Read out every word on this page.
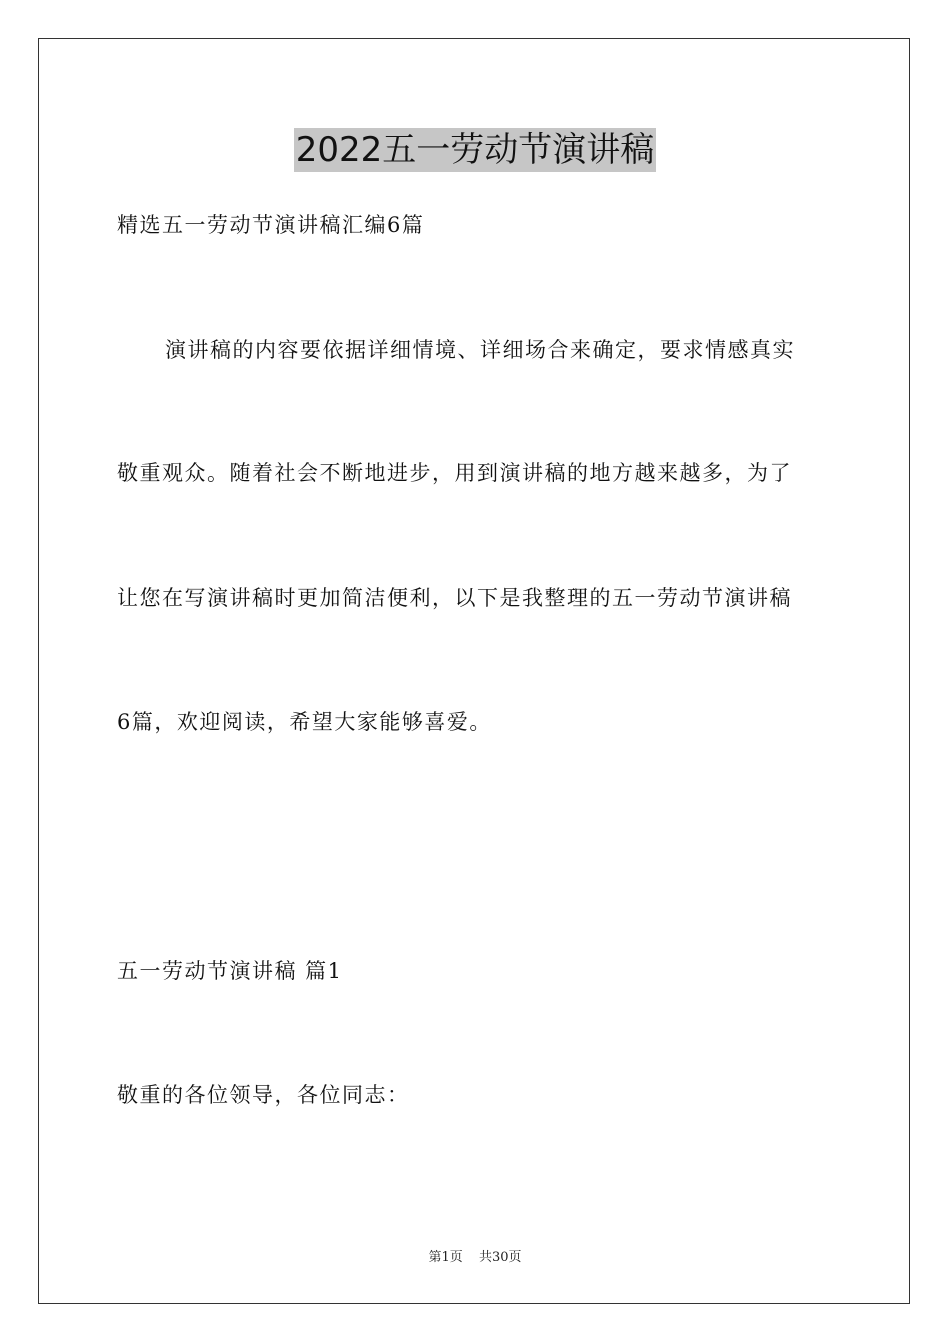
2022五一劳动节演讲稿
精选五一劳动节演讲稿汇编6篇
演讲稿的内容要依据详细情境、详细场合来确定，要求情感真实
敬重观众。随着社会不断地进步，用到演讲稿的地方越来越多，为了
让您在写演讲稿时更加简洁便利，以下是我整理的五一劳动节演讲稿
6篇，欢迎阅读，希望大家能够喜爱。
五一劳动节演讲稿 篇1
敬重的各位领导，各位同志：
第1页 共30页
